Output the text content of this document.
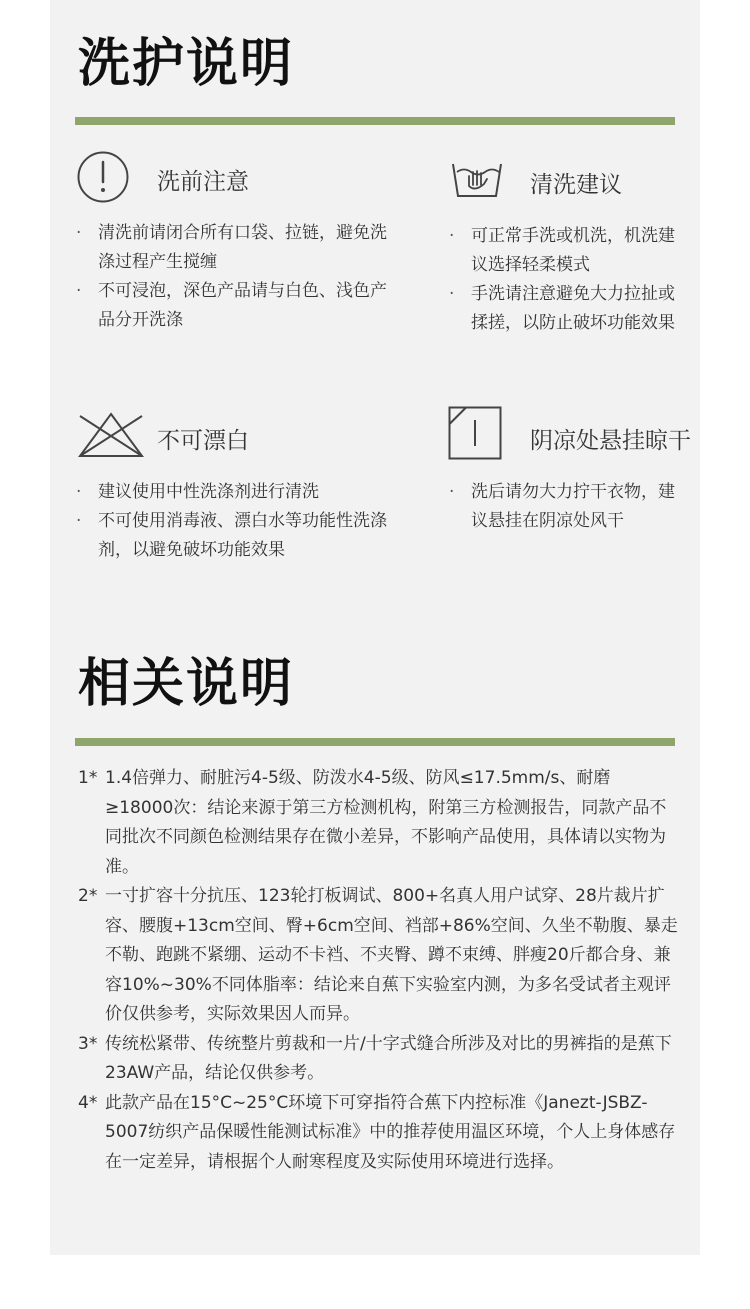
洗护说明
洗前注意
· 清洗前请闭合所有口袋、拉链，避免洗涤过程产生搅缠
· 不可浸泡，深色产品请与白色、浅色产品分开洗涤
清洗建议
· 可正常手洗或机洗，机洗建议选择轻柔模式
· 手洗请注意避免大力拉扯或揉搓，以防止破坏功能效果
不可漂白
· 建议使用中性洗涤剂进行清洗
· 不可使用消毒液、漂白水等功能性洗涤剂，以避免破坏功能效果
阴凉处悬挂晾干
· 洗后请勿大力拧干衣物，建议悬挂在阴凉处风干
相关说明
1* 1.4倍弹力、耐脏污4-5级、防泼水4-5级、防风≤17.5mm/s、耐磨≥18000次：结论来源于第三方检测机构，附第三方检测报告，同款产品不同批次不同颜色检测结果存在微小差异，不影响产品使用，具体请以实物为准。
2* 一寸扩容十分抗压、123轮打板调试、800+名真人用户试穿、28片裁片扩容、腰腹+13cm空间、臀+6cm空间、裆部+86%空间、久坐不勒腹、暴走不勒、跑跳不紧绷、运动不卡裆、不夹臀、蹲不束缚、胖瘦20斤都合身、兼容10%~30%不同体脂率：结论来自蕉下实验室内测，为多名受试者主观评价仅供参考，实际效果因人而异。
3* 传统松紧带、传统整片剪裁和一片/十字式缝合所涉及对比的男裤指的是蕉下23AW产品，结论仅供参考。
4* 此款产品在15°C~25°C环境下可穿指符合蕉下内控标准《Janezt-JSBZ-5007纺织产品保暖性能测试标准》中的推荐使用温区环境，个人上身体感存在一定差异，请根据个人耐寒程度及实际使用环境进行选择。
